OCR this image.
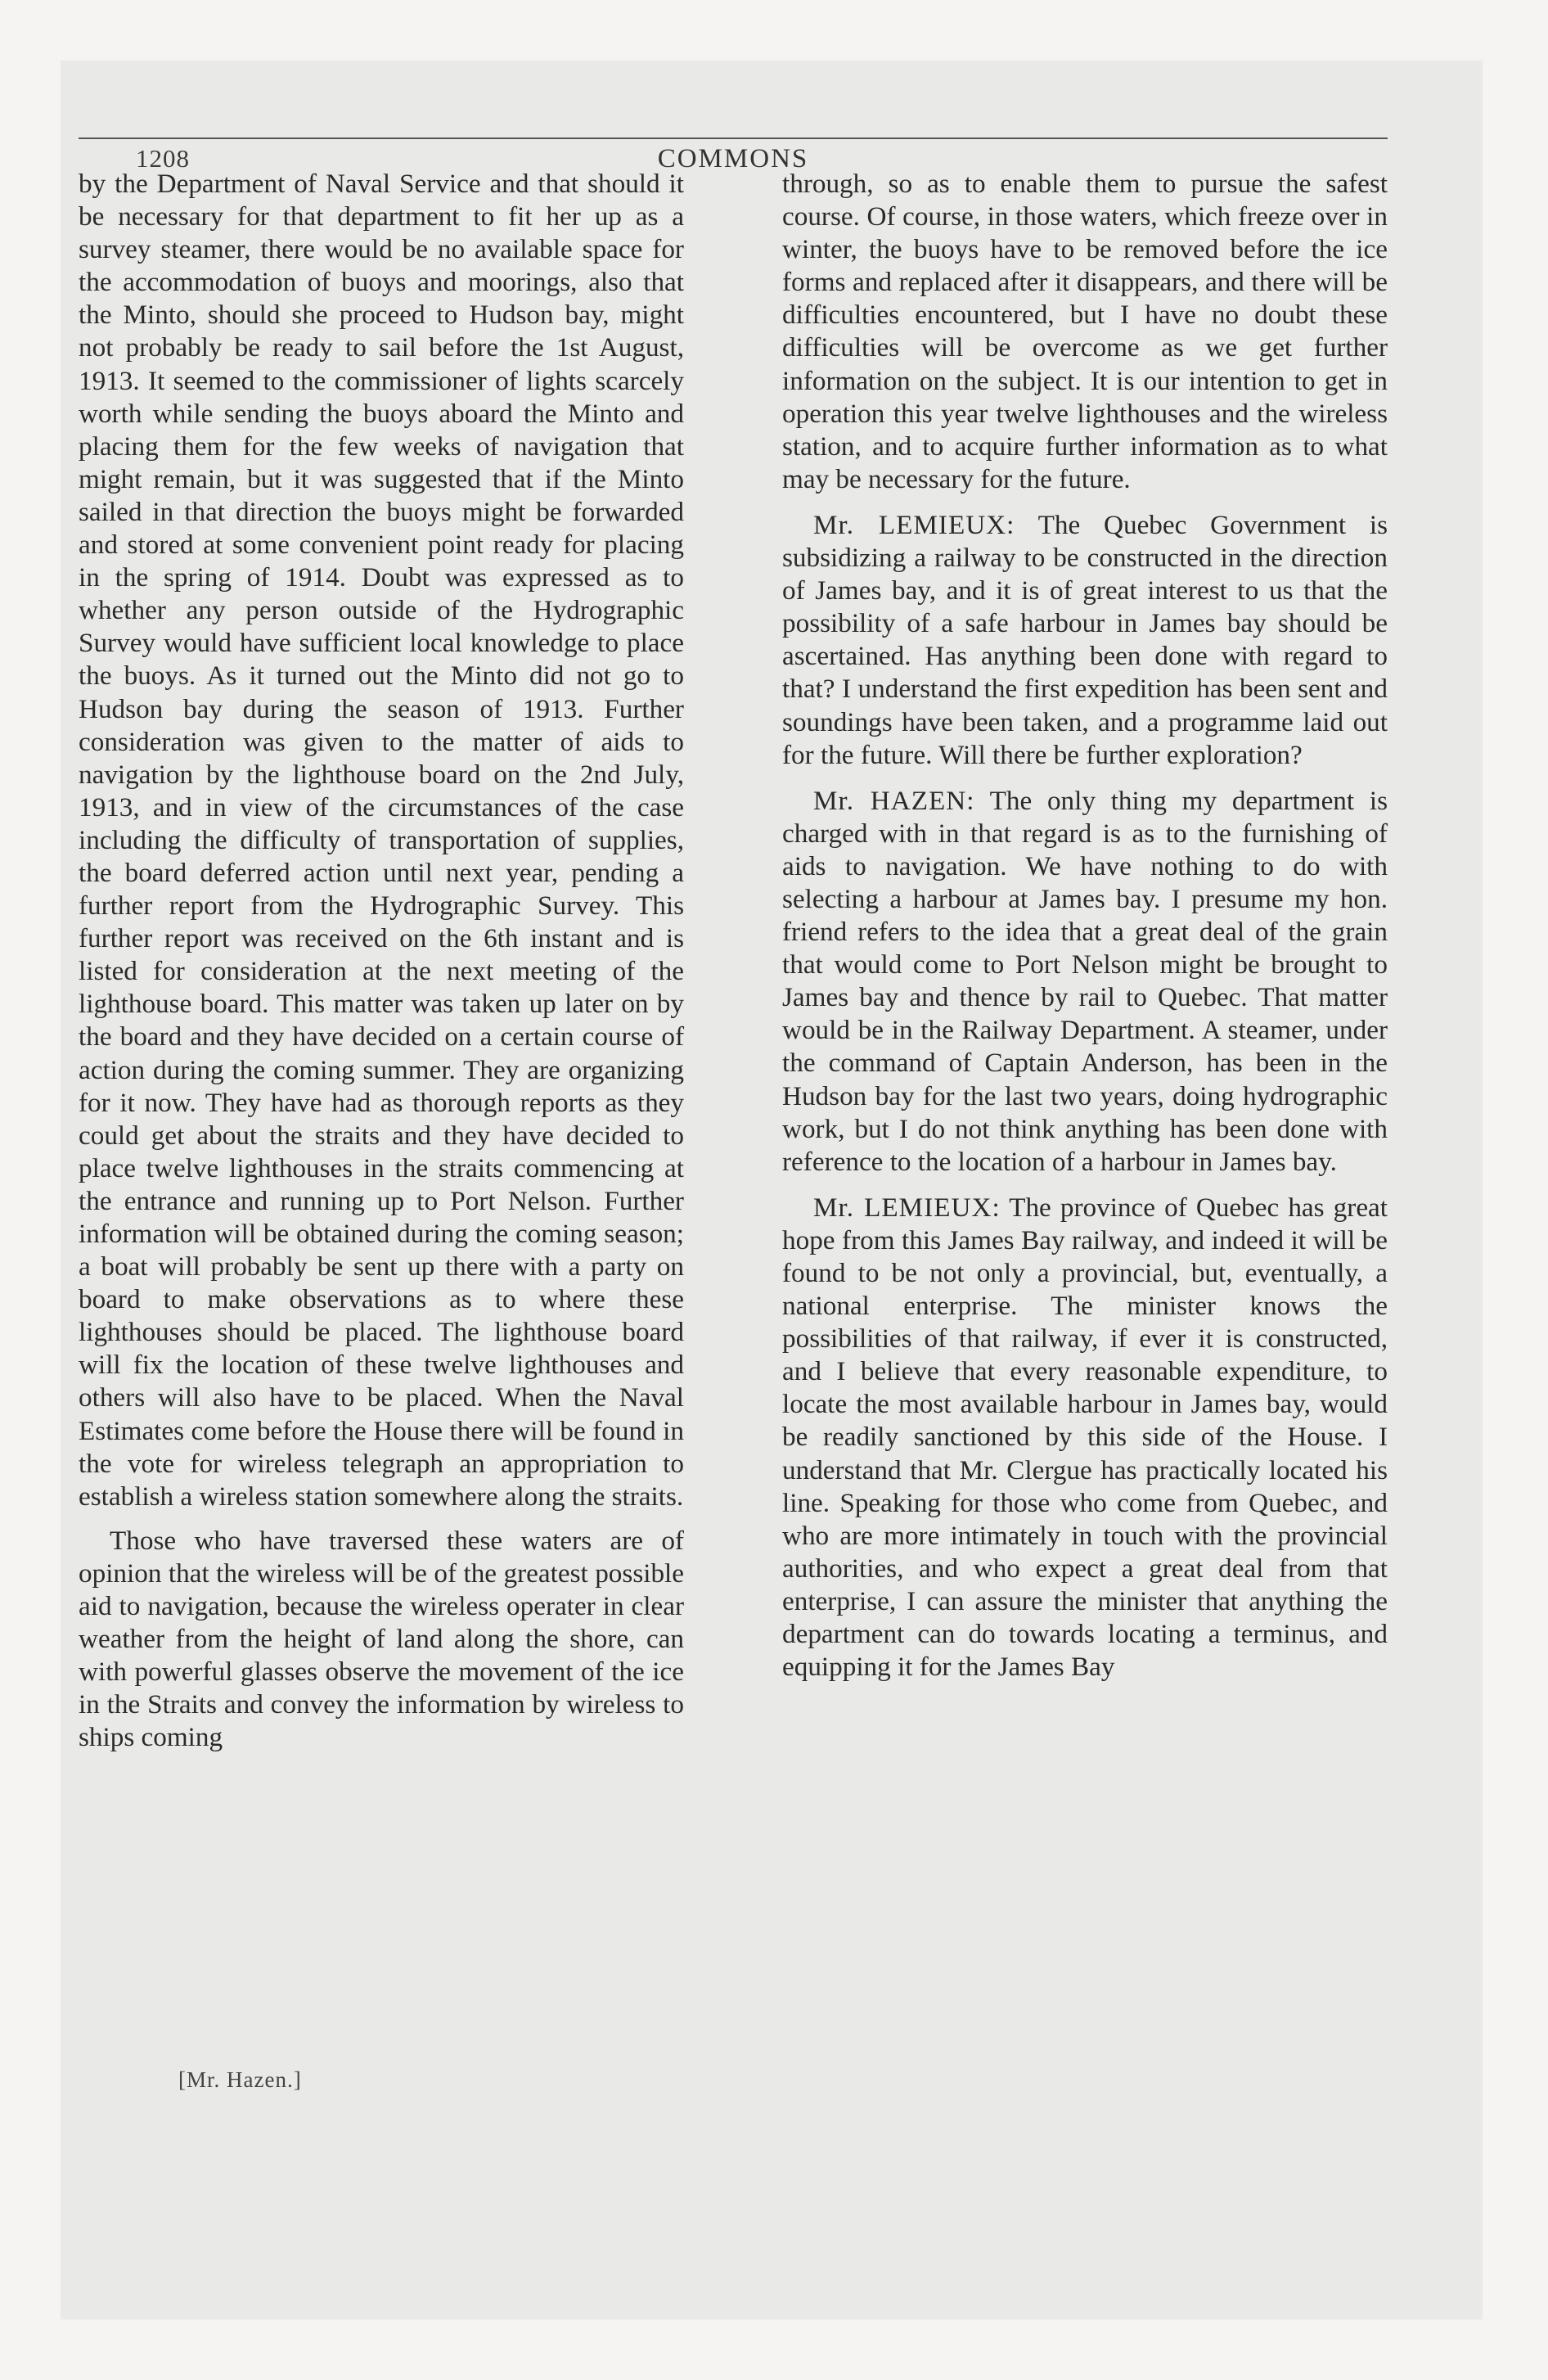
1208	COMMONS

by the Department of Naval Service and that should it be necessary for that department to fit her up as a survey steamer, there would be no available space for the accommodation of buoys and moorings, also that the Minto, should she proceed to Hudson bay, might not probably be ready to sail before the 1st August, 1913. It seemed to the commissioner of lights scarcely worth while sending the buoys aboard the Minto and placing them for the few weeks of navigation that might remain, but it was suggested that if the Minto sailed in that direction the buoys might be forwarded and stored at some convenient point ready for placing in the spring of 1914. Doubt was expressed as to whether any person outside of the Hydrographic Survey would have sufficient local knowledge to place the buoys. As it turned out the Minto did not go to Hudson bay during the season of 1913. Further consideration was given to the matter of aids to navigation by the lighthouse board on the 2nd July, 1913, and in view of the circumstances of the case including the difficulty of transportation of supplies, the board deferred action until next year, pending a further report from the Hydrographic Survey. This further report was received on the 6th instant and is listed for consideration at the next meeting of the lighthouse board. This matter was taken up later on by the board and they have decided on a certain course of action during the coming summer. They are organizing for it now. They have had as thorough reports as they could get about the straits and they have decided to place twelve lighthouses in the straits commencing at the entrance and running up to Port Nelson. Further information will be obtained during the coming season; a boat will probably be sent up there with a party on board to make observations as to where these lighthouses should be placed. The lighthouse board will fix the location of these twelve lighthouses and others will also have to be placed. When the Naval Estimates come before the House there will be found in the vote for wireless telegraph an appropriation to establish a wireless station somewhere along the straits.

Those who have traversed these waters are of opinion that the wireless will be of the greatest possible aid to navigation, because the wireless operater in clear weather from the height of land along the shore, can with powerful glasses observe the movement of the ice in the Straits and convey the information by wireless to ships coming

[Mr. Hazen.]

through, so as to enable them to pursue the safest course. Of course, in those waters, which freeze over in winter, the buoys have to be removed before the ice forms and replaced after it disappears, and there will be difficulties encountered, but I have no doubt these difficulties will be overcome as we get further information on the subject. It is our intention to get in operation this year twelve lighthouses and the wireless station, and to acquire further information as to what may be necessary for the future.

Mr. LEMIEUX: The Quebec Government is subsidizing a railway to be constructed in the direction of James bay, and it is of great interest to us that the possibility of a safe harbour in James bay should be ascertained. Has anything been done with regard to that? I understand the first expedition has been sent and soundings have been taken, and a programme laid out for the future. Will there be further exploration?

Mr. HAZEN: The only thing my department is charged with in that regard is as to the furnishing of aids to navigation. We have nothing to do with selecting a harbour at James bay. I presume my hon. friend refers to the idea that a great deal of the grain that would come to Port Nelson might be brought to James bay and thence by rail to Quebec. That matter would be in the Railway Department. A steamer, under the command of Captain Anderson, has been in the Hudson bay for the last two years, doing hydrographic work, but I do not think anything has been done with reference to the location of a harbour in James bay.

Mr. LEMIEUX: The province of Quebec has great hope from this James Bay railway, and indeed it will be found to be not only a provincial, but, eventually, a national enterprise. The minister knows the possibilities of that railway, if ever it is constructed, and I believe that every reasonable expenditure, to locate the most available harbour in James bay, would be readily sanctioned by this side of the House. I understand that Mr. Clergue has practically located his line. Speaking for those who come from Quebec, and who are more intimately in touch with the provincial authorities, and who expect a great deal from that enterprise, I can assure the minister that anything the department can do towards locating a terminus, and equipping it for the James Bay
